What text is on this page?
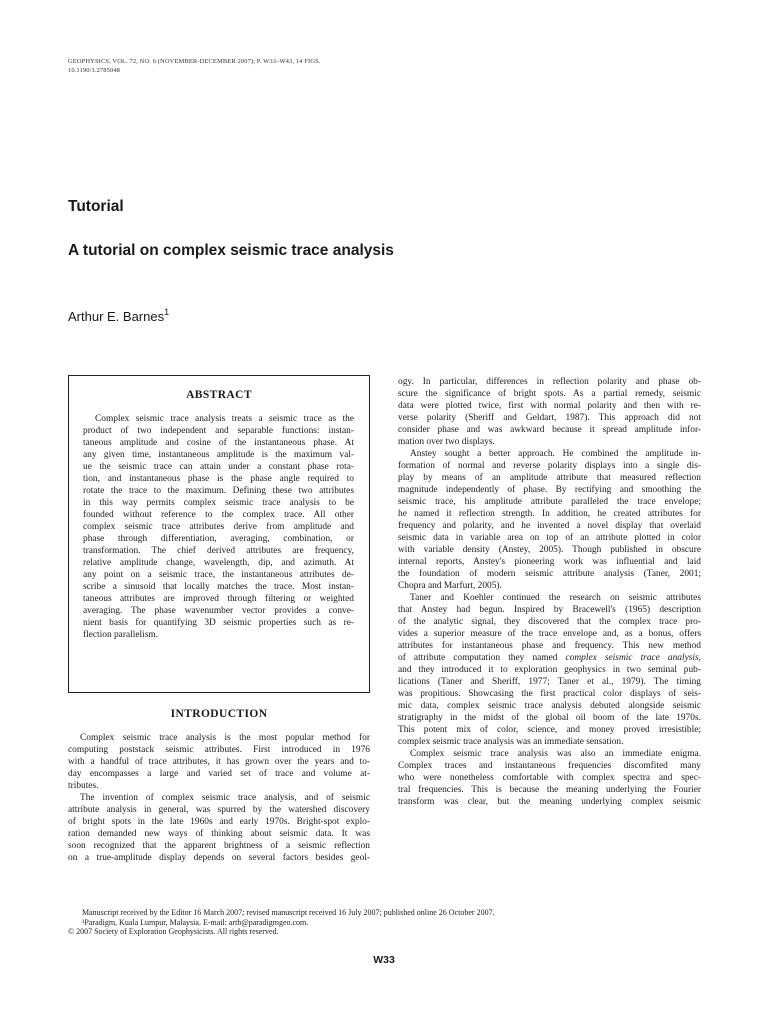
GEOPHYSICS, VOL. 72, NO. 6 (NOVEMBER-DECEMBER 2007); P. W33–W43, 14 FIGS.
10.1190/1.2785048
Tutorial
A tutorial on complex seismic trace analysis
Arthur E. Barnes$^1$
ABSTRACT
Complex seismic trace analysis treats a seismic trace as the
product of two independent and separable functions: instan-
taneous amplitude and cosine of the instantaneous phase. At
any given time, instantaneous amplitude is the maximum val-
ue the seismic trace can attain under a constant phase rota-
tion, and instantaneous phase is the phase angle required to
rotate the trace to the maximum. Defining these two attributes
in this way permits complex seismic trace analysis to be
founded without reference to the complex trace. All other
complex seismic trace attributes derive from amplitude and
phase through differentiation, averaging, combination, or
transformation. The chief derived attributes are frequency,
relative amplitude change, wavelength, dip, and azimuth. At
any point on a seismic trace, the instantaneous attributes de-
scribe a sinusoid that locally matches the trace. Most instan-
taneous attributes are improved through filtering or weighted
averaging. The phase wavenumber vector provides a conve-
nient basis for quantifying 3D seismic properties such as re-
flection parallelism.
INTRODUCTION
Complex seismic trace analysis is the most popular method for
computing poststack seismic attributes. First introduced in 1976
with a handful of trace attributes, it has grown over the years and to-
day encompasses a large and varied set of trace and volume at-
tributes.
The invention of complex seismic trace analysis, and of seismic
attribute analysis in general, was spurred by the watershed discovery
of bright spots in the late 1960s and early 1970s. Bright-spot explo-
ration demanded new ways of thinking about seismic data. It was
soon recognized that the apparent brightness of a seismic reflection
on a true-amplitude display depends on several factors besides geol-
ogy. In particular, differences in reflection polarity and phase ob-
scure the significance of bright spots. As a partial remedy, seismic
data were plotted twice, first with normal polarity and then with re-
verse polarity (Sheriff and Geldart, 1987). This approach did not
consider phase and was awkward because it spread amplitude infor-
mation over two displays.
Anstey sought a better approach. He combined the amplitude in-
formation of normal and reverse polarity displays into a single dis-
play by means of an amplitude attribute that measured reflection
magnitude independently of phase. By rectifying and smoothing the
seismic trace, his amplitude attribute paralleled the trace envelope;
he named it reflection strength. In addition, he created attributes for
frequency and polarity, and he invented a novel display that overlaid
seismic data in variable area on top of an attribute plotted in color
with variable density (Anstey, 2005). Though published in obscure
internal reports, Anstey's pioneering work was influential and laid
the foundation of modern seismic attribute analysis (Taner, 2001;
Chopra and Marfurt, 2005).
Taner and Koehler continued the research on seismic attributes
that Anstey had begun. Inspired by Bracewell's (1965) description
of the analytic signal, they discovered that the complex trace pro-
vides a superior measure of the trace envelope and, as a bonus, offers
attributes for instantaneous phase and frequency. This new method
of attribute computation they named complex seismic trace analysis,
and they introduced it to exploration geophysics in two seminal pub-
lications (Taner and Sheriff, 1977; Taner et al., 1979). The timing
was propitious. Showcasing the first practical color displays of seis-
mic data, complex seismic trace analysis debuted alongside seismic
stratigraphy in the midst of the global oil boom of the late 1970s.
This potent mix of color, science, and money proved irresistible;
complex seismic trace analysis was an immediate sensation.
Complex seismic trace analysis was also an immediate enigma.
Complex traces and instantaneous frequencies discomfited many
who were nonetheless comfortable with complex spectra and spec-
tral frequencies. This is because the meaning underlying the Fourier
transform was clear, but the meaning underlying complex seismic
Manuscript received by the Editor 16 March 2007; revised manuscript received 16 July 2007; published online 26 October 2007.
¹Paradigm, Kuala Lumpur, Malaysia. E-mail: artb@paradigmgeo.com.
© 2007 Society of Exploration Geophysicists. All rights reserved.
W33
